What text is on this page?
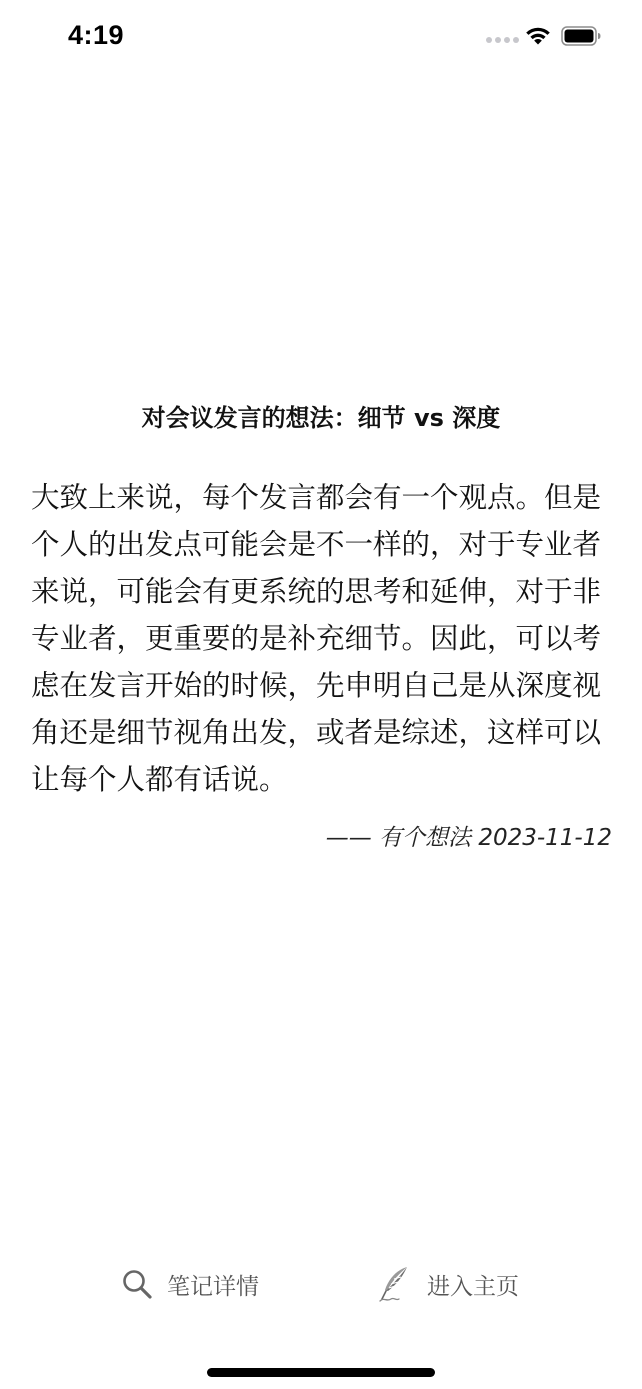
4:19
对会议发言的想法：细节 vs 深度
大致上来说，每个发言都会有一个观点。但是个人的出发点可能会是不一样的，对于专业者来说，可能会有更系统的思考和延伸，对于非专业者，更重要的是补充细节。因此，可以考虑在发言开始的时候，先申明自己是从深度视角还是细节视角出发，或者是综述，这样可以让每个人都有话说。
—— 有个想法 2023-11-12
笔记详情	进入主页
